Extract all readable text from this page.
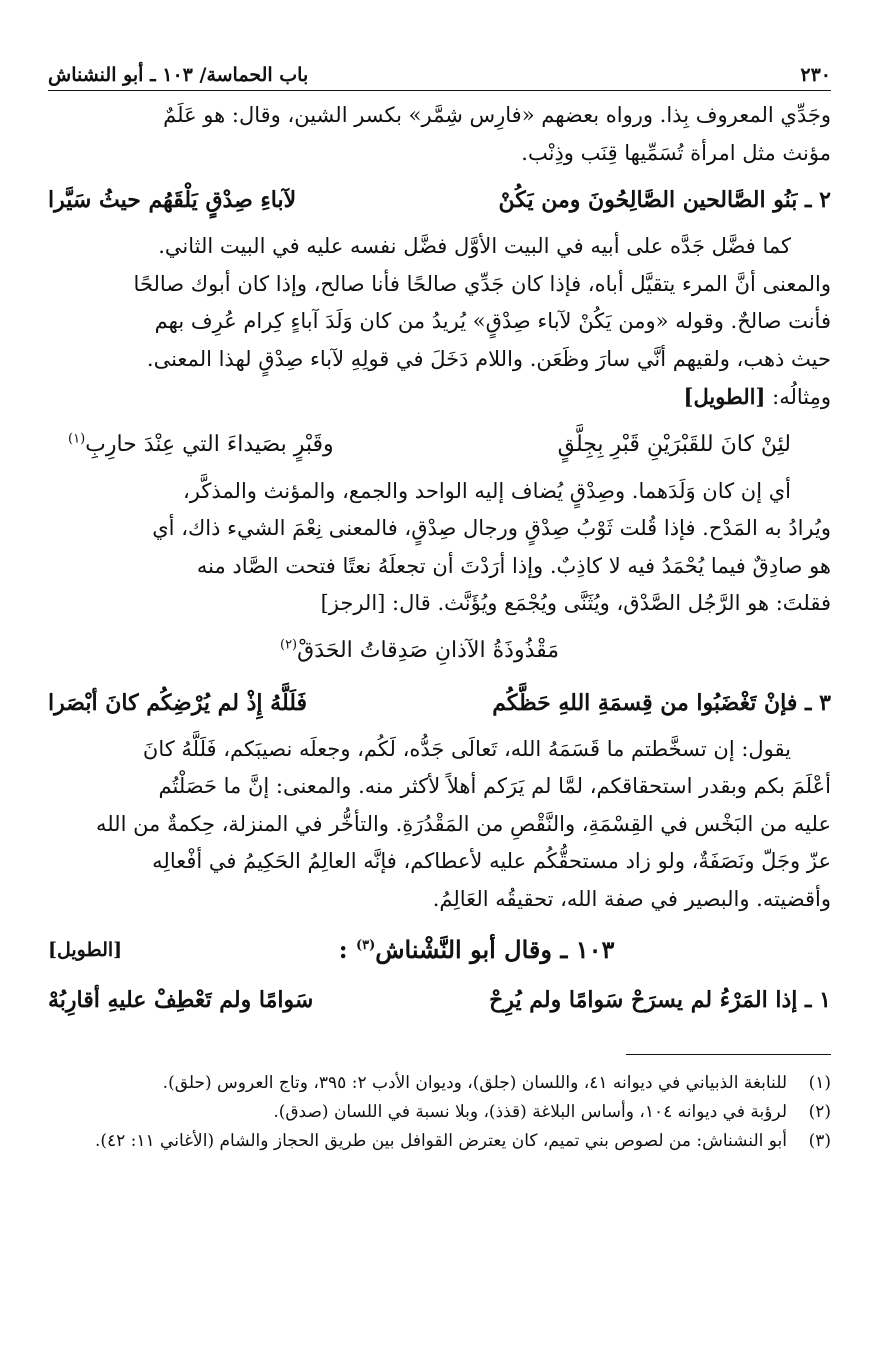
٢٣٠
باب الحماسة/ ١٠٣ ـ أبو النشناش

وجَدِّي المعروف بِذا. ورواه بعضهم «فارِس شِمَّر» بكسر الشين، وقال: هو عَلَمٌ

مؤنث مثل امرأة تُسَمِّيها قِنَب وذِنْب.

٢ ـ بَنُو الصَّالحين الصَّالِحُونَ ومن يَكُنْ
لآباءِ صِدْقٍ يَلْقَهُم حيثُ سَيَّرا

كما فضَّل جَدَّه على أبيه في البيت الأوَّل فضَّل نفسه عليه في البيت الثاني.

والمعنى أنَّ المرء يتقيَّل أباه، فإذا كان جَدِّي صالحًا فأنا صالح، وإذا كان أبوك صالحًا

فأنت صالحٌ. وقوله «ومن يَكُنْ لآباء صِدْقٍ» يُريدُ من كان وَلَدَ آباءٍ كِرام عُرِف بهم

حيث ذهب، ولقيهم أنَّي سارَ وظَعَن. واللام دَخَلَ في قولِهِ لآباء صِدْقٍ لهذا المعنى.

ومِثالُه: [الطويل]

لئِنْ كانَ للقَبْرَيْنِ قَبْرِ بِجِلَّقٍ
وقَبْرٍ بصَيداءَ التي عِنْدَ حارِبِ$^{(١)}$

أي إن كان وَلَدَهما. وصِدْقٍ يُضاف إليه الواحد والجمع، والمؤنث والمذكَّر،

ويُرادُ به المَدْح. فإذا قُلت ثَوْبُ صِدْقٍ ورجال صِدْقٍ، فالمعنى نِعْمَ الشيء ذاك، أي

هو صادِقٌ فيما يُحْمَدُ فيه لا كاذِبٌ. وإذا أرَدْتَ أن تجعلَهُ نعتًا فتحت الصَّاد منه

فقلتَ: هو الرَّجُل الصَّدْق، ويُثَنَّى ويُجْمَع ويُؤَنَّث. قال: [الرجز]

مَقْذُوذَةُ الآذانِ صَدِقاتُ الحَدَقْ$^{(٢)}$
٣ ـ فإنْ تَغْضَبُوا من قِسمَةِ اللهِ حَظَّكُم
فَلَلَّهُ إِذْ لم يُرْضِكُم كانَ أبْصَرا

يقول: إن تسخَّطتم ما قَسَمَهُ الله، تَعالَى جَدُّه، لَكُم، وجعلَه نصيبَكم، فَلَلَّهُ كانَ

أعْلَمَ بكم وبقدر استحقاقكم، لمَّا لم يَرَكم أهلاً لأكثر منه. والمعنى: إنَّ ما حَصَلْتُم

عليه من البَخْس في القِسْمَةِ، والنَّقْصِ من المَقْدُرَةِ. والتأخُّر في المنزلة، حِكمةٌ من الله

عزّ وجَلّ ونَصَفَةٌ، ولو زاد مستحقُّكُم عليه لأعطاكم، فإنَّه العالِمُ الحَكِيمُ في أفْعالِه

وأقضيته. والبصير في صفة الله، تحقيقُه العَالِمُ.

١٠٣ ـ وقال أبو النَّشْناش$^{(٣)}$ :
[الطويل]
١ ـ إذا المَرْءُ لم يسرَحْ سَوامًا ولم يُرِحْ
سَوامًا ولم تَعْطِفْ عليهِ أقارِبُهْ
(١)
للنابغة الذبياني في ديوانه ٤١، واللسان (جلق)، وديوان الأدب ٢: ٣٩٥، وتاج العروس (حلق).
(٢)
لرؤبة في ديوانه ١٠٤، وأساس البلاغة (قذذ)، وبلا نسبة في اللسان (صدق).
(٣)
أبو النشناش: من لصوص بني تميم، كان يعترض القوافل بين طريق الحجاز والشام (الأغاني ١١: ٤٢).
